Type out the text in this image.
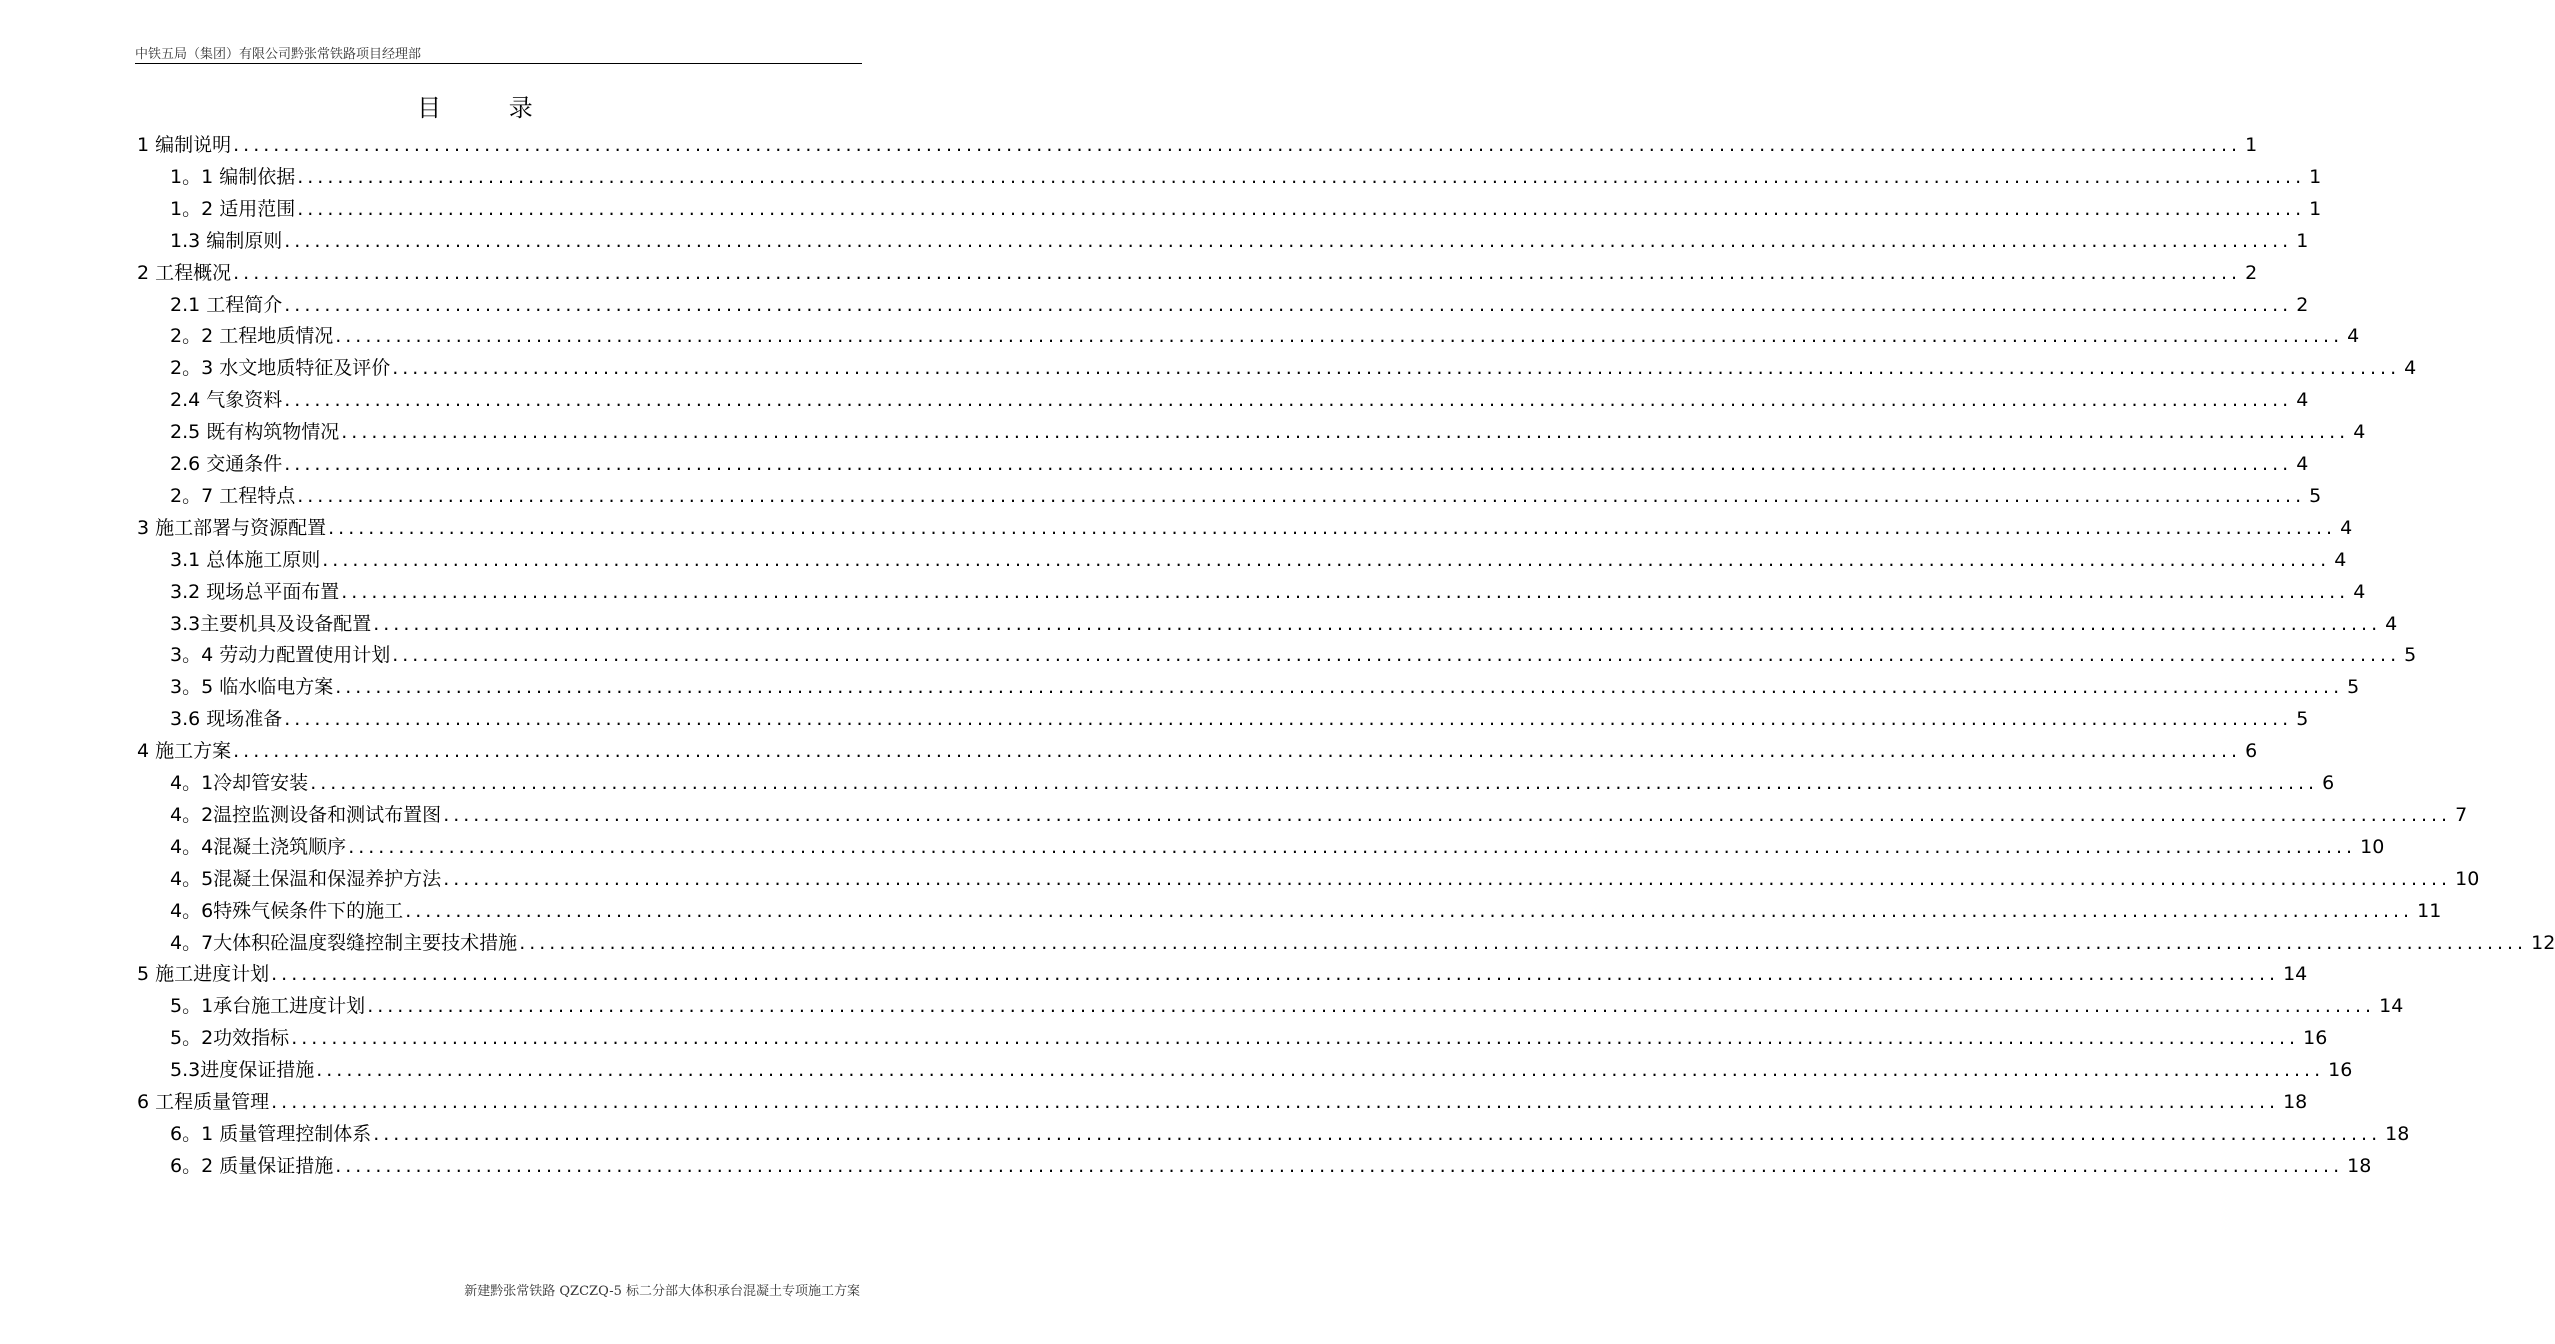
中铁五局（集团）有限公司黔张常铁路项目经理部
目 录
1 编制说明 ........................................................................................................................................................................................................ 1
1。1 编制依据 ........................................................................................................................................................................................................ 1
1。2 适用范围 ........................................................................................................................................................................................................ 1
1.3 编制原则 ........................................................................................................................................................................................................ 1
2 工程概况 ........................................................................................................................................................................................................ 2
2.1 工程简介 ........................................................................................................................................................................................................ 2
2。2 工程地质情况 ........................................................................................................................................................................................................ 4
2。3 水文地质特征及评价 ........................................................................................................................................................................................................ 4
2.4 气象资料 ........................................................................................................................................................................................................ 4
2.5 既有构筑物情况 ........................................................................................................................................................................................................ 4
2.6 交通条件 ........................................................................................................................................................................................................ 4
2。7 工程特点 ........................................................................................................................................................................................................ 5
3 施工部署与资源配置 ........................................................................................................................................................................................................ 4
3.1 总体施工原则 ........................................................................................................................................................................................................ 4
3.2 现场总平面布置 ........................................................................................................................................................................................................ 4
3.3主要机具及设备配置 ........................................................................................................................................................................................................ 4
3。4 劳动力配置使用计划 ........................................................................................................................................................................................................ 5
3。5 临水临电方案 ........................................................................................................................................................................................................ 5
3.6 现场准备 ........................................................................................................................................................................................................ 5
4 施工方案 ........................................................................................................................................................................................................ 6
4。1冷却管安装 ........................................................................................................................................................................................................ 6
4。2温控监测设备和测试布置图 ........................................................................................................................................................................................................ 7
4。4混凝土浇筑顺序 ........................................................................................................................................................................................................ 10
4。5混凝土保温和保湿养护方法 ........................................................................................................................................................................................................ 10
4。6特殊气候条件下的施工 ........................................................................................................................................................................................................ 11
4。7大体积砼温度裂缝控制主要技术措施 ........................................................................................................................................................................................................ 12
5 施工进度计划 ........................................................................................................................................................................................................ 14
5。1承台施工进度计划 ........................................................................................................................................................................................................ 14
5。2功效指标 ........................................................................................................................................................................................................ 16
5.3进度保证措施 ........................................................................................................................................................................................................ 16
6 工程质量管理 ........................................................................................................................................................................................................ 18
6。1 质量管理控制体系 ........................................................................................................................................................................................................ 18
6。2 质量保证措施 ........................................................................................................................................................................................................ 18
新建黔张常铁路 QZCZQ-5 标二分部大体积承台混凝土专项施工方案
